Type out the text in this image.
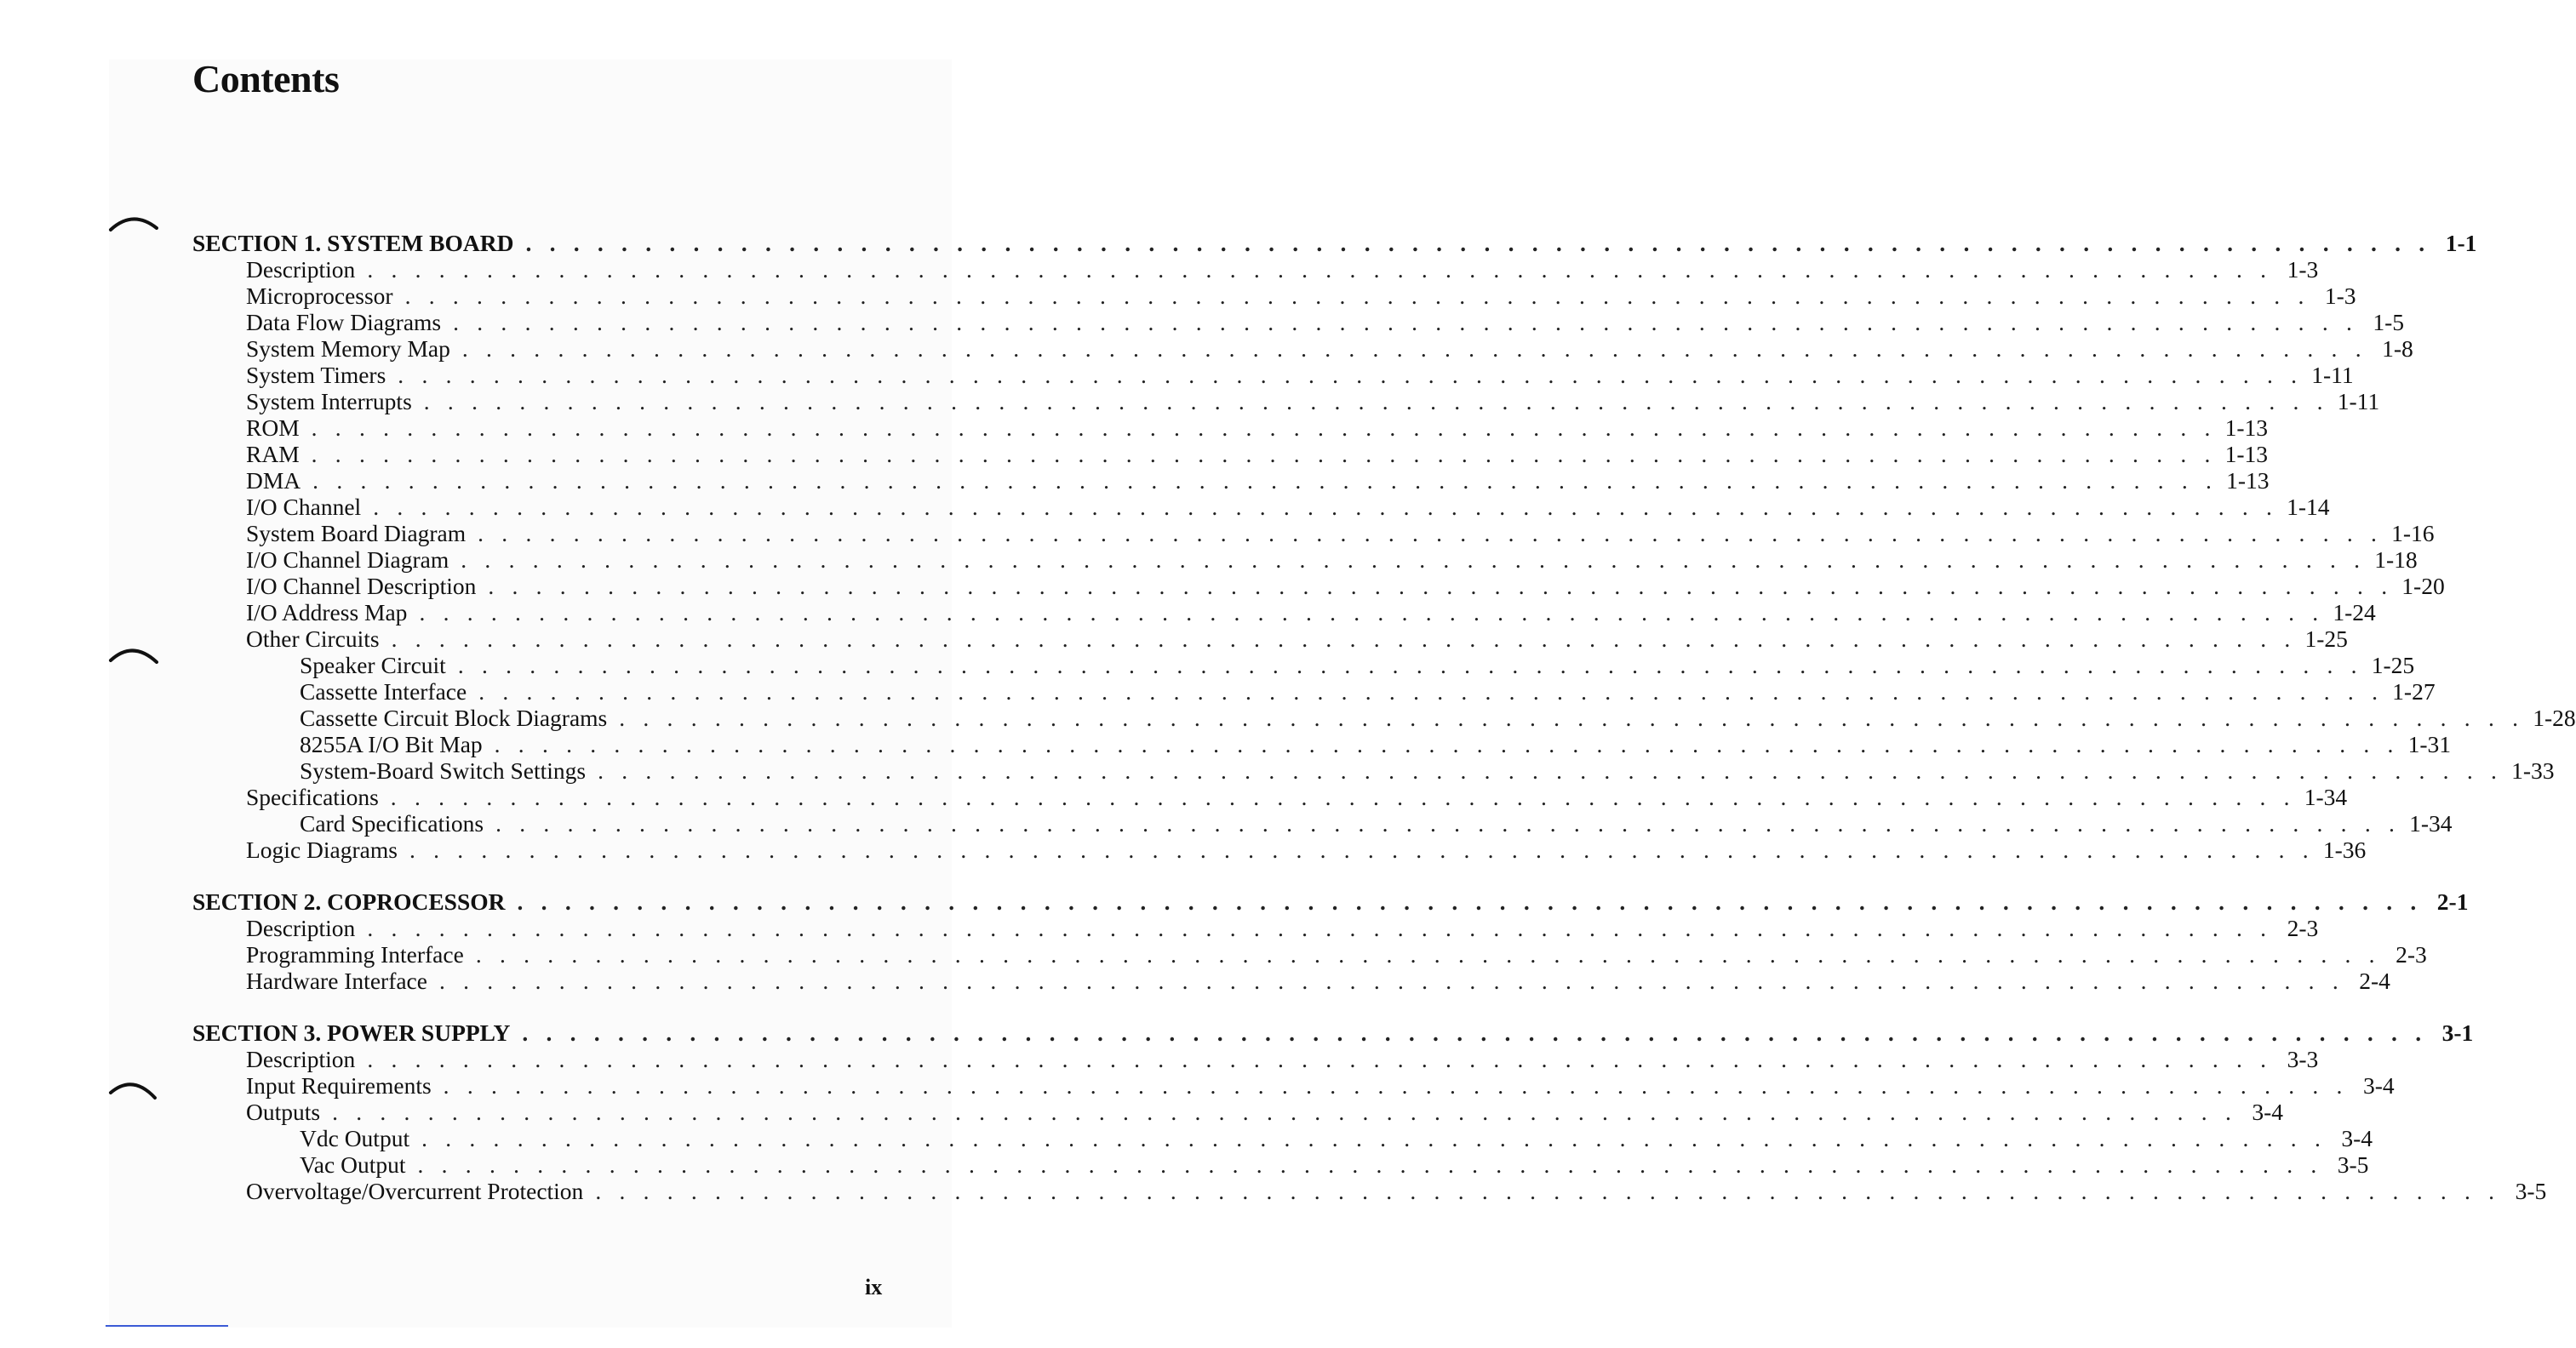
Contents
SECTION 1. SYSTEM BOARD . . . . . . . . . . . . . . . . . . . . . . . . . . . . . . . . . . . . . . . . . . . . . . . . . . . . . . . . . . . . . . . . . . . . . . . . . . . . . . . . 1-1
Description . . . . . . . . . . . . . . . . . . . . . . . . . . . . . . . . . . . . . . . . . . . . . . . . . . . . . . . . . . . . . . . . . . . . . . . . . . . . . . . . 1-3
Microprocessor . . . . . . . . . . . . . . . . . . . . . . . . . . . . . . . . . . . . . . . . . . . . . . . . . . . . . . . . . . . . . . . . . . . . . . . . . . . . . . . . 1-3
Data Flow Diagrams . . . . . . . . . . . . . . . . . . . . . . . . . . . . . . . . . . . . . . . . . . . . . . . . . . . . . . . . . . . . . . . . . . . . . . . . . . . . . . . . 1-5
System Memory Map . . . . . . . . . . . . . . . . . . . . . . . . . . . . . . . . . . . . . . . . . . . . . . . . . . . . . . . . . . . . . . . . . . . . . . . . . . . . . . . . 1-8
System Timers . . . . . . . . . . . . . . . . . . . . . . . . . . . . . . . . . . . . . . . . . . . . . . . . . . . . . . . . . . . . . . . . . . . . . . . . . . . . . . . . 1-11
System Interrupts . . . . . . . . . . . . . . . . . . . . . . . . . . . . . . . . . . . . . . . . . . . . . . . . . . . . . . . . . . . . . . . . . . . . . . . . . . . . . . . . 1-11
ROM . . . . . . . . . . . . . . . . . . . . . . . . . . . . . . . . . . . . . . . . . . . . . . . . . . . . . . . . . . . . . . . . . . . . . . . . . . . . . . . . 1-13
RAM . . . . . . . . . . . . . . . . . . . . . . . . . . . . . . . . . . . . . . . . . . . . . . . . . . . . . . . . . . . . . . . . . . . . . . . . . . . . . . . . 1-13
DMA . . . . . . . . . . . . . . . . . . . . . . . . . . . . . . . . . . . . . . . . . . . . . . . . . . . . . . . . . . . . . . . . . . . . . . . . . . . . . . . . 1-13
I/O Channel . . . . . . . . . . . . . . . . . . . . . . . . . . . . . . . . . . . . . . . . . . . . . . . . . . . . . . . . . . . . . . . . . . . . . . . . . . . . . . . . 1-14
System Board Diagram . . . . . . . . . . . . . . . . . . . . . . . . . . . . . . . . . . . . . . . . . . . . . . . . . . . . . . . . . . . . . . . . . . . . . . . . . . . . . . . . 1-16
I/O Channel Diagram . . . . . . . . . . . . . . . . . . . . . . . . . . . . . . . . . . . . . . . . . . . . . . . . . . . . . . . . . . . . . . . . . . . . . . . . . . . . . . . . 1-18
I/O Channel Description . . . . . . . . . . . . . . . . . . . . . . . . . . . . . . . . . . . . . . . . . . . . . . . . . . . . . . . . . . . . . . . . . . . . . . . . . . . . . . . . 1-20
I/O Address Map . . . . . . . . . . . . . . . . . . . . . . . . . . . . . . . . . . . . . . . . . . . . . . . . . . . . . . . . . . . . . . . . . . . . . . . . . . . . . . . . 1-24
Other Circuits . . . . . . . . . . . . . . . . . . . . . . . . . . . . . . . . . . . . . . . . . . . . . . . . . . . . . . . . . . . . . . . . . . . . . . . . . . . . . . . . 1-25
Speaker Circuit . . . . . . . . . . . . . . . . . . . . . . . . . . . . . . . . . . . . . . . . . . . . . . . . . . . . . . . . . . . . . . . . . . . . . . . . . . . . . . . . 1-25
Cassette Interface . . . . . . . . . . . . . . . . . . . . . . . . . . . . . . . . . . . . . . . . . . . . . . . . . . . . . . . . . . . . . . . . . . . . . . . . . . . . . . . . 1-27
Cassette Circuit Block Diagrams . . . . . . . . . . . . . . . . . . . . . . . . . . . . . . . . . . . . . . . . . . . . . . . . . . . . . . . . . . . . . . . . . . . . . . . . . . . . . . . . 1-28
8255A I/O Bit Map . . . . . . . . . . . . . . . . . . . . . . . . . . . . . . . . . . . . . . . . . . . . . . . . . . . . . . . . . . . . . . . . . . . . . . . . . . . . . . . . 1-31
System-Board Switch Settings . . . . . . . . . . . . . . . . . . . . . . . . . . . . . . . . . . . . . . . . . . . . . . . . . . . . . . . . . . . . . . . . . . . . . . . . . . . . . . . . 1-33
Specifications . . . . . . . . . . . . . . . . . . . . . . . . . . . . . . . . . . . . . . . . . . . . . . . . . . . . . . . . . . . . . . . . . . . . . . . . . . . . . . . . 1-34
Card Specifications . . . . . . . . . . . . . . . . . . . . . . . . . . . . . . . . . . . . . . . . . . . . . . . . . . . . . . . . . . . . . . . . . . . . . . . . . . . . . . . . 1-34
Logic Diagrams . . . . . . . . . . . . . . . . . . . . . . . . . . . . . . . . . . . . . . . . . . . . . . . . . . . . . . . . . . . . . . . . . . . . . . . . . . . . . . . . 1-36
SECTION 2. COPROCESSOR . . . . . . . . . . . . . . . . . . . . . . . . . . . . . . . . . . . . . . . . . . . . . . . . . . . . . . . . . . . . . . . . . . . . . . . . . . . . . . . . 2-1
Description . . . . . . . . . . . . . . . . . . . . . . . . . . . . . . . . . . . . . . . . . . . . . . . . . . . . . . . . . . . . . . . . . . . . . . . . . . . . . . . . 2-3
Programming Interface . . . . . . . . . . . . . . . . . . . . . . . . . . . . . . . . . . . . . . . . . . . . . . . . . . . . . . . . . . . . . . . . . . . . . . . . . . . . . . . . 2-3
Hardware Interface . . . . . . . . . . . . . . . . . . . . . . . . . . . . . . . . . . . . . . . . . . . . . . . . . . . . . . . . . . . . . . . . . . . . . . . . . . . . . . . . 2-4
SECTION 3. POWER SUPPLY . . . . . . . . . . . . . . . . . . . . . . . . . . . . . . . . . . . . . . . . . . . . . . . . . . . . . . . . . . . . . . . . . . . . . . . . . . . . . . . . 3-1
Description . . . . . . . . . . . . . . . . . . . . . . . . . . . . . . . . . . . . . . . . . . . . . . . . . . . . . . . . . . . . . . . . . . . . . . . . . . . . . . . . 3-3
Input Requirements . . . . . . . . . . . . . . . . . . . . . . . . . . . . . . . . . . . . . . . . . . . . . . . . . . . . . . . . . . . . . . . . . . . . . . . . . . . . . . . . 3-4
Outputs . . . . . . . . . . . . . . . . . . . . . . . . . . . . . . . . . . . . . . . . . . . . . . . . . . . . . . . . . . . . . . . . . . . . . . . . . . . . . . . . 3-4
Vdc Output . . . . . . . . . . . . . . . . . . . . . . . . . . . . . . . . . . . . . . . . . . . . . . . . . . . . . . . . . . . . . . . . . . . . . . . . . . . . . . . . 3-4
Vac Output . . . . . . . . . . . . . . . . . . . . . . . . . . . . . . . . . . . . . . . . . . . . . . . . . . . . . . . . . . . . . . . . . . . . . . . . . . . . . . . . 3-5
Overvoltage/Overcurrent Protection . . . . . . . . . . . . . . . . . . . . . . . . . . . . . . . . . . . . . . . . . . . . . . . . . . . . . . . . . . . . . . . . . . . . . . . . . . . . . . . . 3-5
ix
